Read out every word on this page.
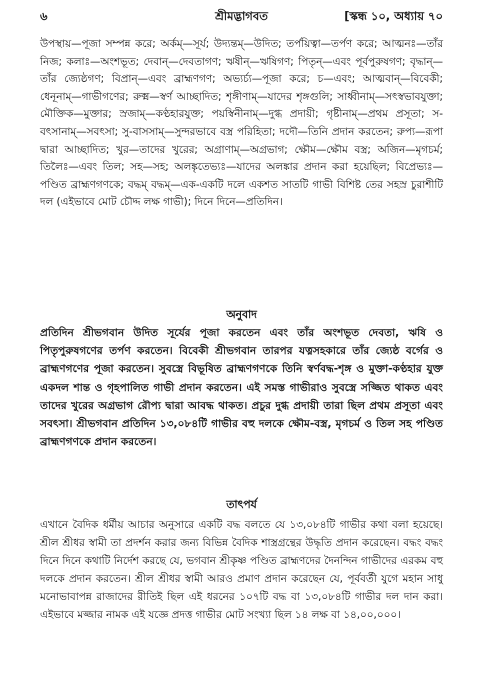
৬	শ্রীমদ্ভাগবত	[স্কন্ধ ১০, অধ্যায় ৭০

উপস্থায়—পূজা সম্পন্ন করে; অর্কম্—সূর্য; উদ্যন্তম্—উদিত; তর্পয়িত্বা—তর্পণ করে; আত্মনঃ—তাঁর নিজ; কলাঃ—অংশভূত; দেবান্—দেবতাগণ; ঋষীন্—ঋষিগণ; পিতৃন্—এবং পূর্বপুরুষগণ; বৃদ্ধান্—তাঁর জ্যেষ্ঠগণ; বিপ্রান্—এবং ব্রাহ্মণগণ; অভ্যর্চ্য—পূজা করে; চ—এবং; আত্মবান্—বিবেকী; ধেনূনাম্—গাভীগণের; রুক্ম—স্বর্ণ আচ্ছাদিত; শৃঙ্গীণাম্—যাদের শৃঙ্গগুলি; সাধ্বীনাম্—সৎস্বভাবযুক্তা; মৌক্তিক—মুক্তার; স্রজাম্—কণ্ঠহারযুক্ত; পয়স্বিনীনাম্—দুগ্ধ প্রদায়ী; গৃষ্টীনাম্—প্রথম প্রসূতা; স-বৎসানাম্—সবৎসা; সু-বাসসাম্—সুন্দরভাবে বস্ত্র পরিহিতা; দদৌ—তিনি প্রদান করতেন; রুপ্য—রূপা দ্বারা আচ্ছাদিত; খুর—তাদের খুরের; অগ্রাণাম্—অগ্রভাগ; ক্ষৌম—ক্ষৌম বস্ত্র; অজিন—মৃগচর্ম; তিলৈঃ—এবং তিল; সহ—সহ; অলঙ্কৃতেভ্যঃ—যাদের অলঙ্কার প্রদান করা হয়েছিল; বিপ্রেভ্যঃ—পণ্ডিত ব্রাহ্মণগণকে; বদ্ধম্ বদ্ধম্—এক-একটি দলে একশত সাতটি গাভী বিশিষ্ট তের সহস্র চুরাশীটি দল (এইভাবে মোট চৌদ্দ লক্ষ গাভী); দিনে দিনে—প্রতিদিন।

অনুবাদ

প্রতিদিন শ্রীভগবান উদিত সূর্যের পূজা করতেন এবং তাঁর অংশভূত দেবতা, ঋষি ও পিতৃপুরুষগণের তর্পণ করতেন। বিবেকী শ্রীভগবান তারপর যত্নসহকারে তাঁর জ্যেষ্ঠ বর্গের ও ব্রাহ্মণগণের পূজা করতেন। সুবস্ত্রে বিভূষিত ব্রাহ্মণগণকে তিনি স্বর্ণবদ্ধ-শৃঙ্গ ও মুক্তা-কণ্ঠহার যুক্ত একদল শান্ত ও গৃহপালিত গাভী প্রদান করতেন। এই সমস্ত গাভীরাও সুবস্ত্রে সজ্জিত থাকত এবং তাদের খুরের অগ্রভাগ রৌপ্য দ্বারা আবদ্ধ থাকত। প্রচুর দুগ্ধ প্রদায়ী তারা ছিল প্রথম প্রসূতা এবং সবৎসা। শ্রীভগবান প্রতিদিন ১৩,০৮৪টি গাভীর বহু দলকে ক্ষৌম-বস্ত্র, মৃগচর্ম ও তিল সহ পণ্ডিত ব্রাহ্মণগণকে প্রদান করতেন।

তাৎপর্য

এখানে বৈদিক ধর্মীয় আচার অনুসারে একটি বদ্ধ বলতে যে ১৩,০৮৪টি গাভীর কথা বলা হয়েছে। শ্রীল শ্রীধর স্বামী তা প্রদর্শন করার জন্য বিভিন্ন বৈদিক শাস্ত্রগ্রন্থের উদ্ধৃতি প্রদান করেছেন। বদ্ধং বদ্ধং দিনে দিনে কথাটি নির্দেশ করছে যে, ভগবান শ্রীকৃষ্ণ পণ্ডিত ব্রাহ্মণদের দৈনন্দিন গাভীদের এরকম বহু দলকে প্রদান করতেন। শ্রীল শ্রীধর স্বামী আরও প্রমাণ প্রদান করেছেন যে, পূর্ববর্তী যুগে মহান সাধু মনোভাবাপন্ন রাজাদের রীতিই ছিল এই ধরনের ১০৭টি বদ্ধ বা ১৩,০৮৪টি গাভীর দল দান করা। এইভাবে মজ্জার নামক এই যজ্ঞে প্রদত্ত গাভীর মোট সংখ্যা ছিল ১৪ লক্ষ বা ১৪,০০,০০০।
